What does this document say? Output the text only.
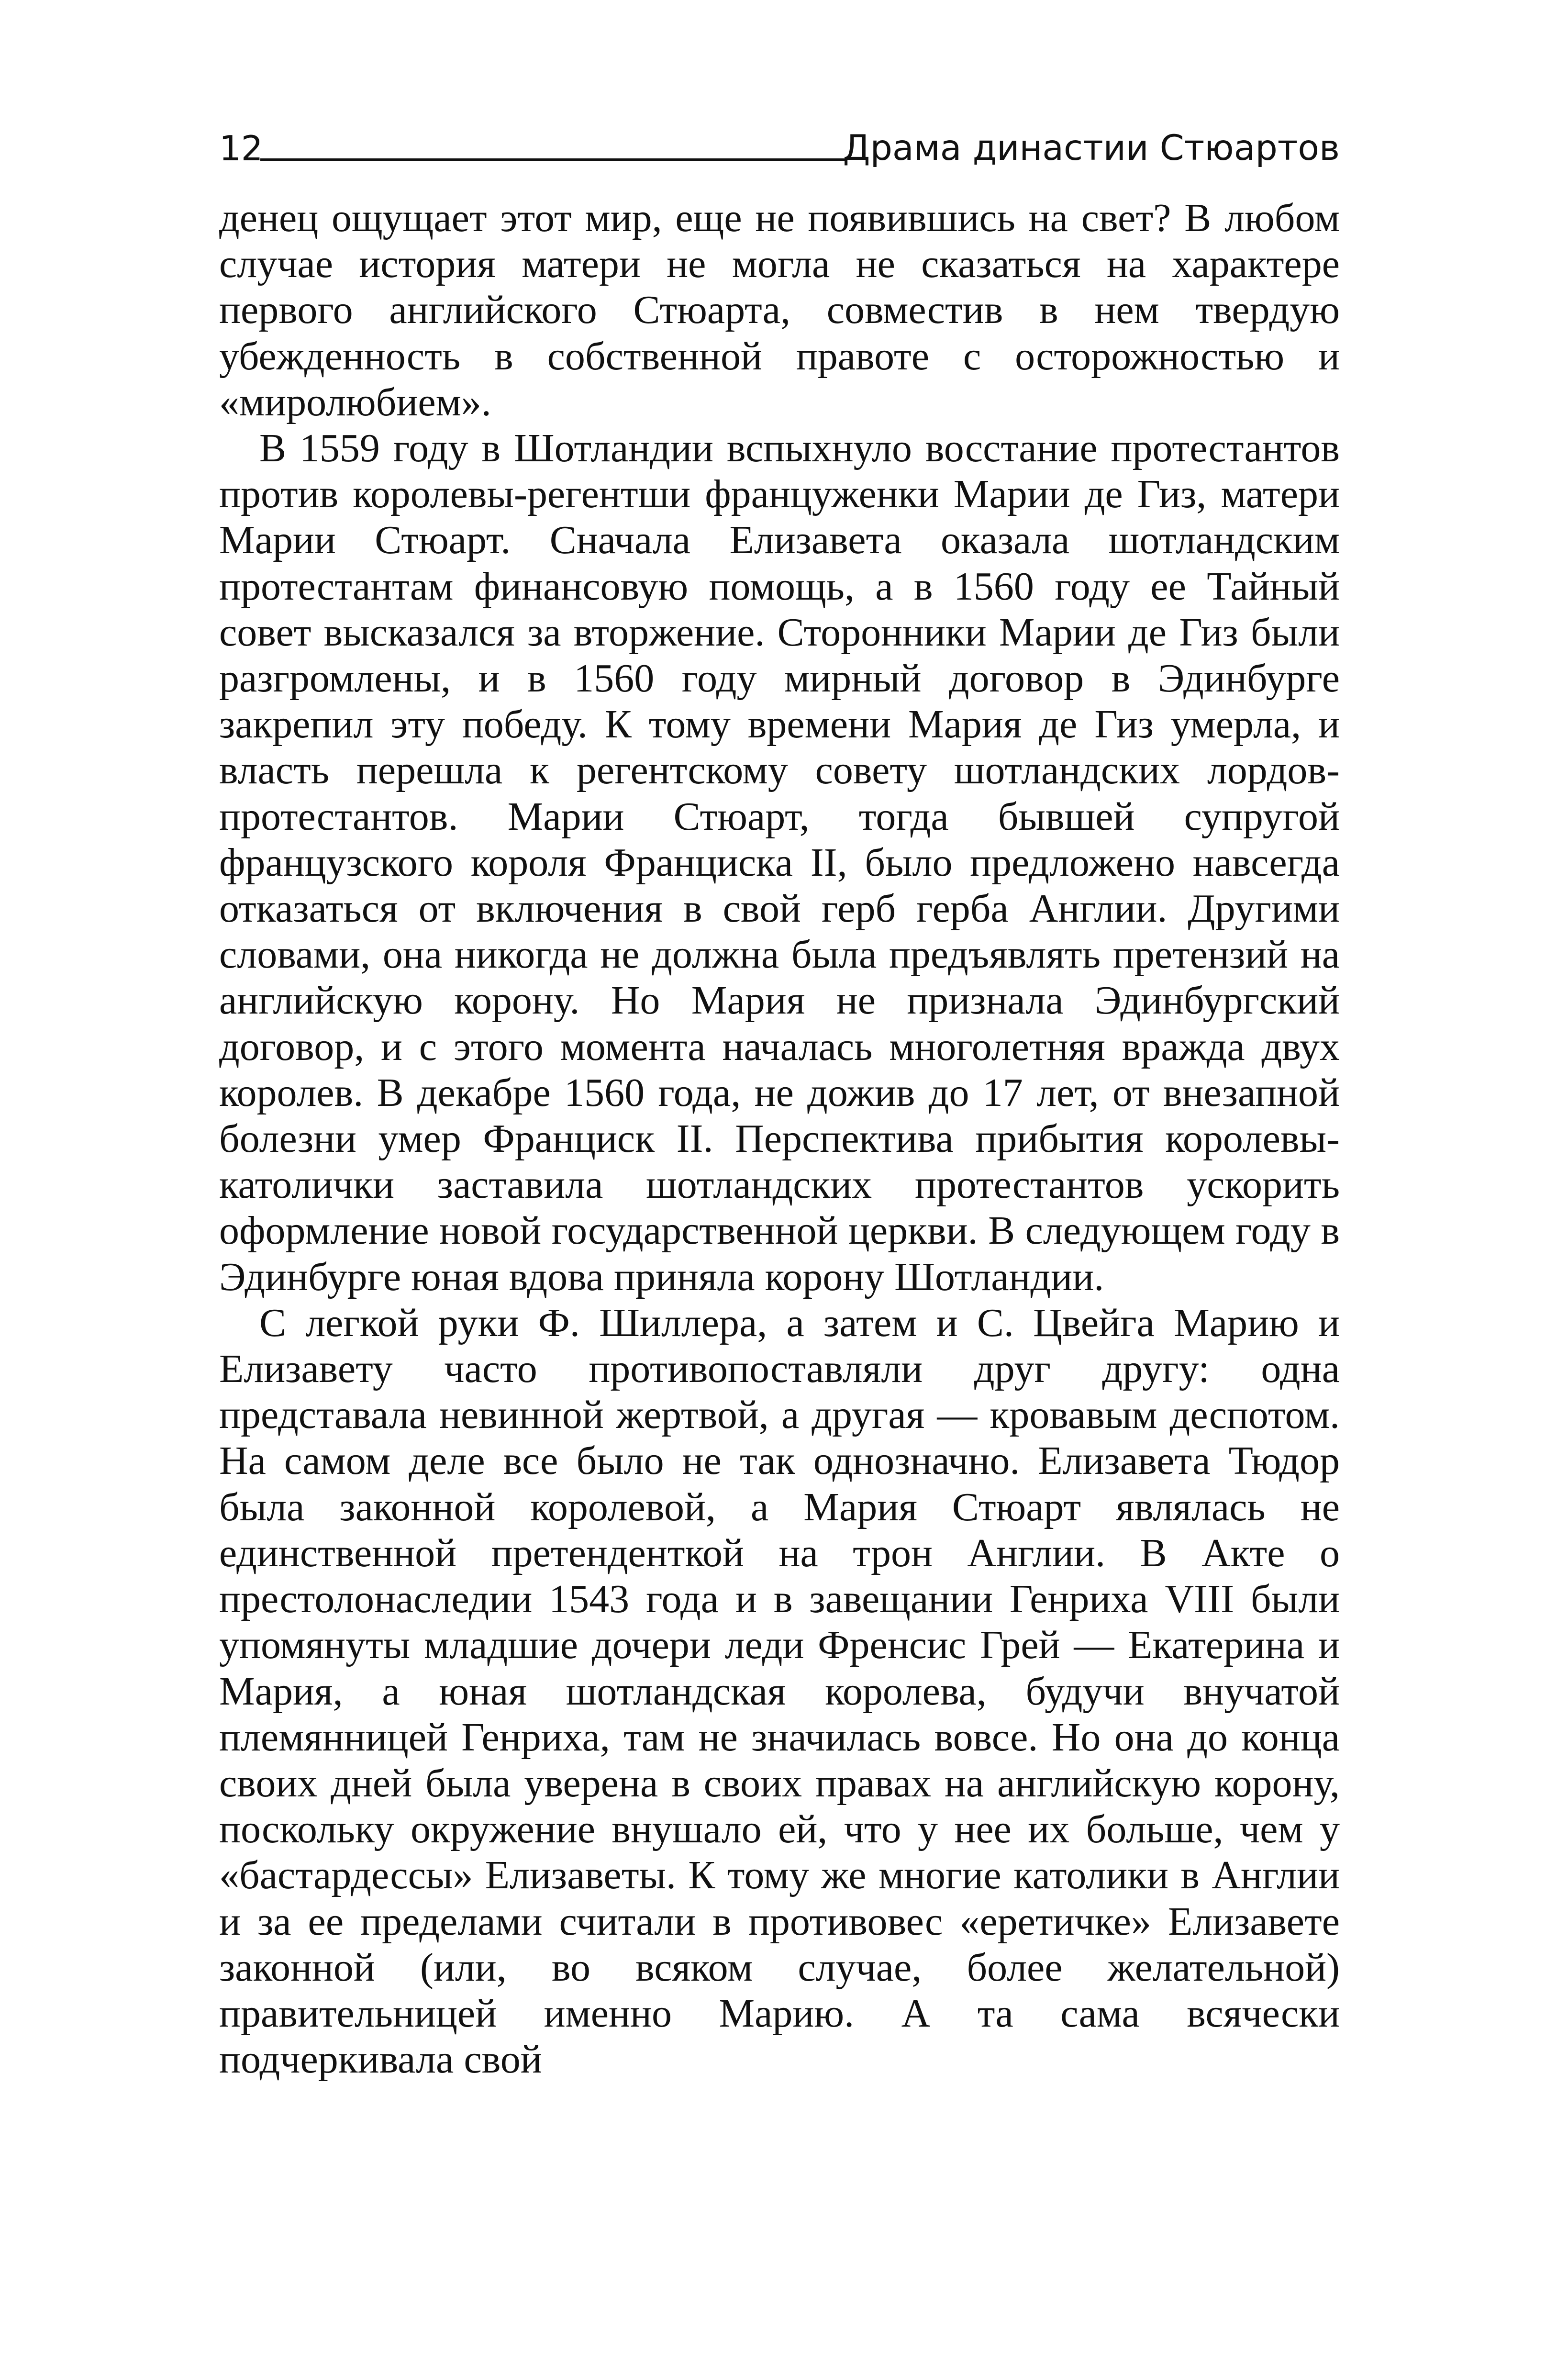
12	Драма династии Стюартов

денец ощущает этот мир, еще не появившись на свет? В любом случае история матери не могла не сказаться на характере первого английского Стюарта, совместив в нем твердую убежденность в собственной правоте с осторожностью и «миролюбием».

В 1559 году в Шотландии вспыхнуло восстание протестантов против королевы-регентши француженки Марии де Гиз, матери Марии Стюарт. Сначала Елизавета оказала шотландским протестантам финансовую помощь, а в 1560 году ее Тайный совет высказался за вторжение. Сторонники Марии де Гиз были разгромлены, и в 1560 году мирный договор в Эдинбурге закрепил эту победу. К тому времени Мария де Гиз умерла, и власть перешла к регентскому совету шотландских лордов-протестантов. Марии Стюарт, тогда бывшей супругой французского короля Франциска II, было предложено навсегда отказаться от включения в свой герб герба Англии. Другими словами, она никогда не должна была предъявлять претензий на английскую корону. Но Мария не признала Эдинбургский договор, и с этого момента началась многолетняя вражда двух королев. В декабре 1560 года, не дожив до 17 лет, от внезапной болезни умер Франциск II. Перспектива прибытия королевы-католички заставила шотландских протестантов ускорить оформление новой государственной церкви. В следующем году в Эдинбурге юная вдова приняла корону Шотландии.

С легкой руки Ф. Шиллера, а затем и С. Цвейга Марию и Елизавету часто противопоставляли друг другу: одна представала невинной жертвой, а другая — кровавым деспотом. На самом деле все было не так однозначно. Елизавета Тюдор была законной королевой, а Мария Стюарт являлась не единственной претенденткой на трон Англии. В Акте о престолонаследии 1543 года и в завещании Генриха VIII были упомянуты младшие дочери леди Френсис Грей — Екатерина и Мария, а юная шотландская королева, будучи внучатой племянницей Генриха, там не значилась вовсе. Но она до конца своих дней была уверена в своих правах на английскую корону, поскольку окружение внушало ей, что у нее их больше, чем у «бастардессы» Елизаветы. К тому же многие католики в Англии и за ее пределами считали в противовес «еретичке» Елизавете законной (или, во всяком случае, более желательной) правительницей именно Марию. А та сама всячески подчеркивала свой
